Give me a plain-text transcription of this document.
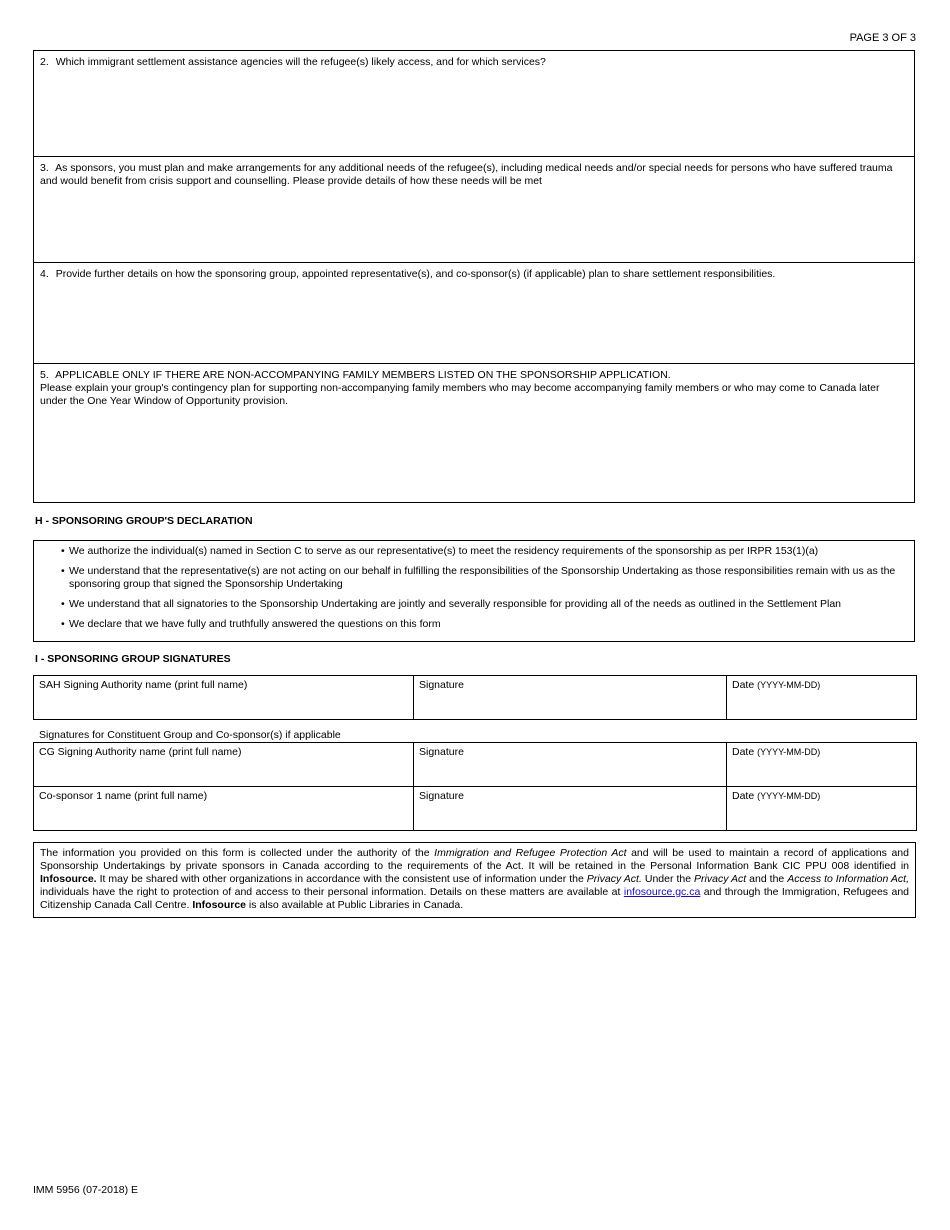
PAGE 3 OF 3
2. Which immigrant settlement assistance agencies will the refugee(s) likely access, and for which services?
3. As sponsors, you must plan and make arrangements for any additional needs of the refugee(s), including medical needs and/or special needs for persons who have suffered trauma and would benefit from crisis support and counselling. Please provide details of how these needs will be met
4. Provide further details on how the sponsoring group, appointed representative(s), and co-sponsor(s) (if applicable) plan to share settlement responsibilities.
5. APPLICABLE ONLY IF THERE ARE NON-ACCOMPANYING FAMILY MEMBERS LISTED ON THE SPONSORSHIP APPLICATION.
Please explain your group's contingency plan for supporting non-accompanying family members who may become accompanying family members or who may come to Canada later under the One Year Window of Opportunity provision.
H - SPONSORING GROUP'S DECLARATION
• We authorize the individual(s) named in Section C to serve as our representative(s) to meet the residency requirements of the sponsorship as per IRPR 153(1)(a)
• We understand that the representative(s) are not acting on our behalf in fulfilling the responsibilities of the Sponsorship Undertaking as those responsibilities remain with us as the sponsoring group that signed the Sponsorship Undertaking
• We understand that all signatories to the Sponsorship Undertaking are jointly and severally responsible for providing all of the needs as outlined in the Settlement Plan
• We declare that we have fully and truthfully answered the questions on this form
I - SPONSORING GROUP SIGNATURES
SAH Signing Authority name (print full name)	Signature	Date (YYYY-MM-DD)
Signatures for Constituent Group and Co-sponsor(s) if applicable
CG Signing Authority name (print full name)	Signature	Date (YYYY-MM-DD)
Co-sponsor 1 name (print full name)	Signature	Date (YYYY-MM-DD)
The information you provided on this form is collected under the authority of the Immigration and Refugee Protection Act and will be used to maintain a record of applications and Sponsorship Undertakings by private sponsors in Canada according to the requirements of the Act. It will be retained in the Personal Information Bank CIC PPU 008 identified in Infosource. It may be shared with other organizations in accordance with the consistent use of information under the Privacy Act. Under the Privacy Act and the Access to Information Act, individuals have the right to protection of and access to their personal information. Details on these matters are available at infosource.gc.ca and through the Immigration, Refugees and Citizenship Canada Call Centre. Infosource is also available at Public Libraries in Canada.
IMM 5956 (07-2018) E
